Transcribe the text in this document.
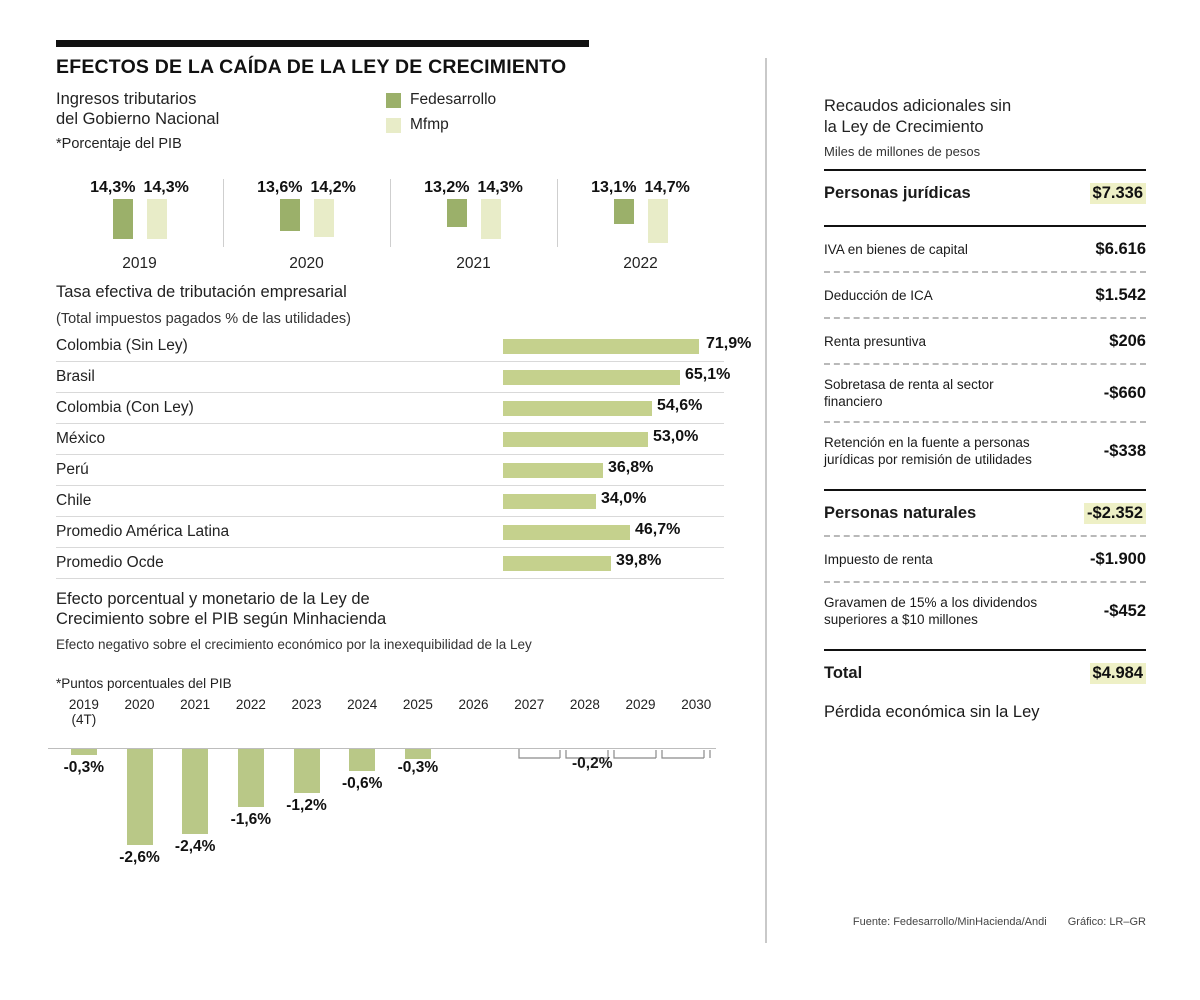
EFECTOS DE LA CAÍDA DE LA LEY DE CRECIMIENTO
Ingresos tributarios
del Gobierno Nacional
*Porcentaje del PIB
Fedesarrollo
Mfmp
14,3% 14,3%
2019
13,6% 14,2%
2020
13,2% 14,3%
2021
13,1% 14,7%
2022
Tasa efectiva de tributación empresarial
(Total impuestos pagados % de las utilidades)
Colombia (Sin Ley)	71,9%
Brasil	65,1%
Colombia (Con Ley)	54,6%
México	53,0%
Perú	36,8%
Chile	34,0%
Promedio América Latina	46,7%
Promedio Ocde	39,8%
Efecto porcentual y monetario de la Ley de
Crecimiento sobre el PIB según Minhacienda
Efecto negativo sobre el crecimiento económico por la inexequibilidad de la Ley
*Puntos porcentuales del PIB
2019
(4T)
-0,3%
2020
-2,6%
2021
-2,4%
2022
-1,6%
2023
-1,2%
2024
-0,6%
2025
-0,3%
2026	2027	2028	2029	2030
-0,2%
Recaudos adicionales sin
la Ley de Crecimiento
Miles de millones de pesos
Personas jurídicas	$7.336
IVA en bienes de capital	$6.616
Deducción de ICA	$1.542
Renta presuntiva	$206
Sobretasa de renta al sector financiero	-$660
Retención en la fuente a personas jurídicas por remisión de utilidades	-$338
Personas naturales	-$2.352
Impuesto de renta	-$1.900
Gravamen de 15% a los dividendos superiores a $10 millones	-$452
Total	$4.984
Pérdida económica sin la Ley
Fuente: Fedesarrollo/MinHacienda/Andi Gráfico: LR–GR
